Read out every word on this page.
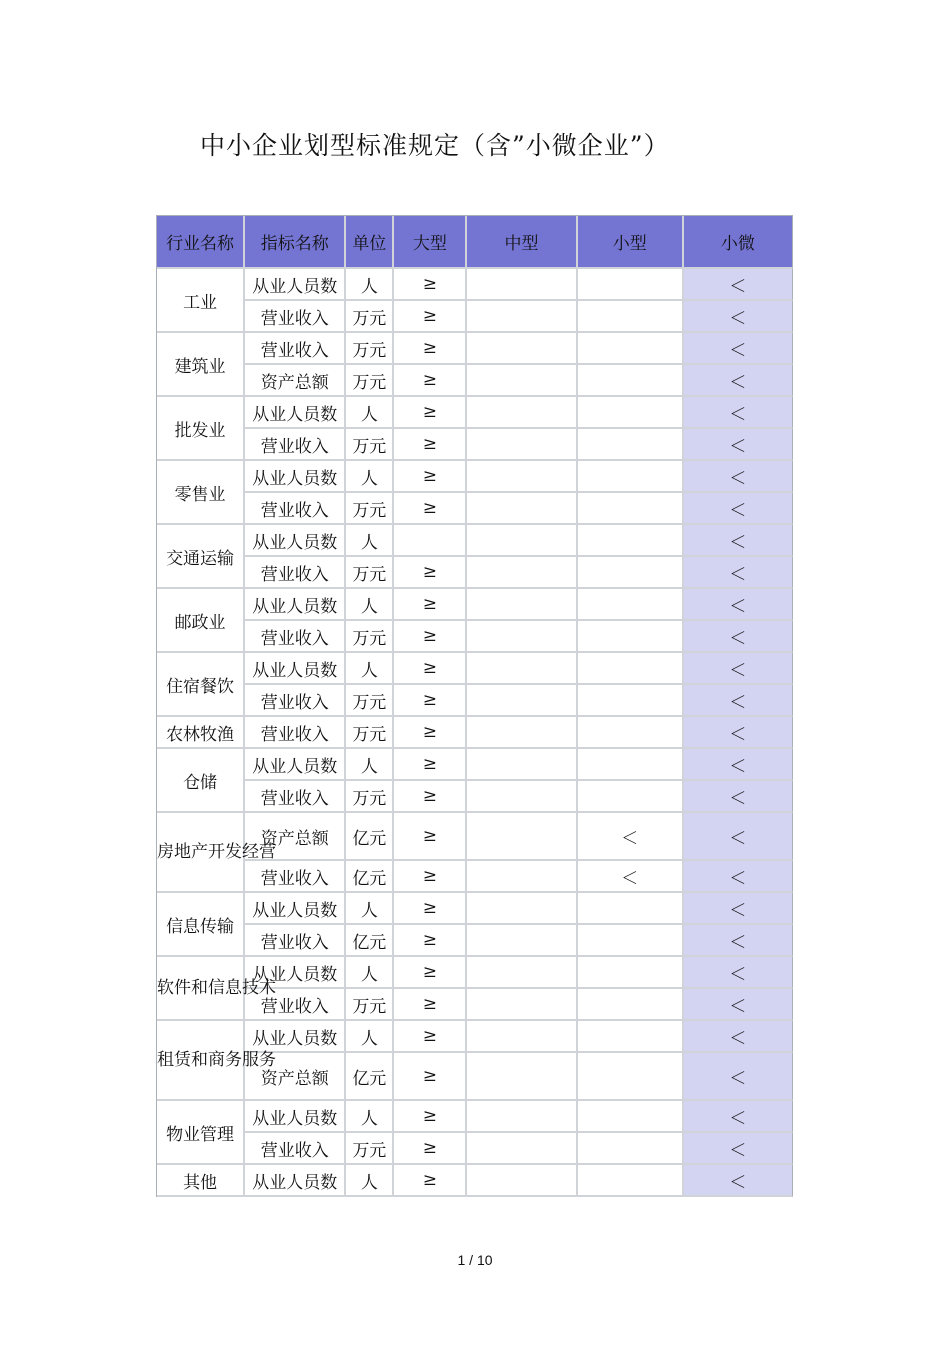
中小企业划型标准规定（含”小微企业”）
行业名称	指标名称	单位	大型	中型	小型	小微
工业	从业人员数	人	≥			＜
	营业收入	万元	≥			＜
建筑业	营业收入	万元	≥			＜
	资产总额	万元	≥			＜
批发业	从业人员数	人	≥			＜
	营业收入	万元	≥			＜
零售业	从业人员数	人	≥			＜
	营业收入	万元	≥			＜
交通运输	从业人员数	人				＜
	营业收入	万元	≥			＜
邮政业	从业人员数	人	≥			＜
	营业收入	万元	≥			＜
住宿餐饮	从业人员数	人	≥			＜
	营业收入	万元	≥			＜
农林牧渔	营业收入	万元	≥			＜
仓储	从业人员数	人	≥			＜
	营业收入	万元	≥			＜
房地产开发经营	资产总额	亿元	≥		＜	＜
	营业收入	亿元	≥		＜	＜
信息传输	从业人员数	人	≥			＜
	营业收入	亿元	≥			＜
软件和信息技术	从业人员数	人	≥			＜
	营业收入	万元	≥			＜
租赁和商务服务	从业人员数	人	≥			＜
	资产总额	亿元	≥			＜
物业管理	从业人员数	人	≥			＜
	营业收入	万元	≥			＜
其他	从业人员数	人	≥			＜
1 / 10
